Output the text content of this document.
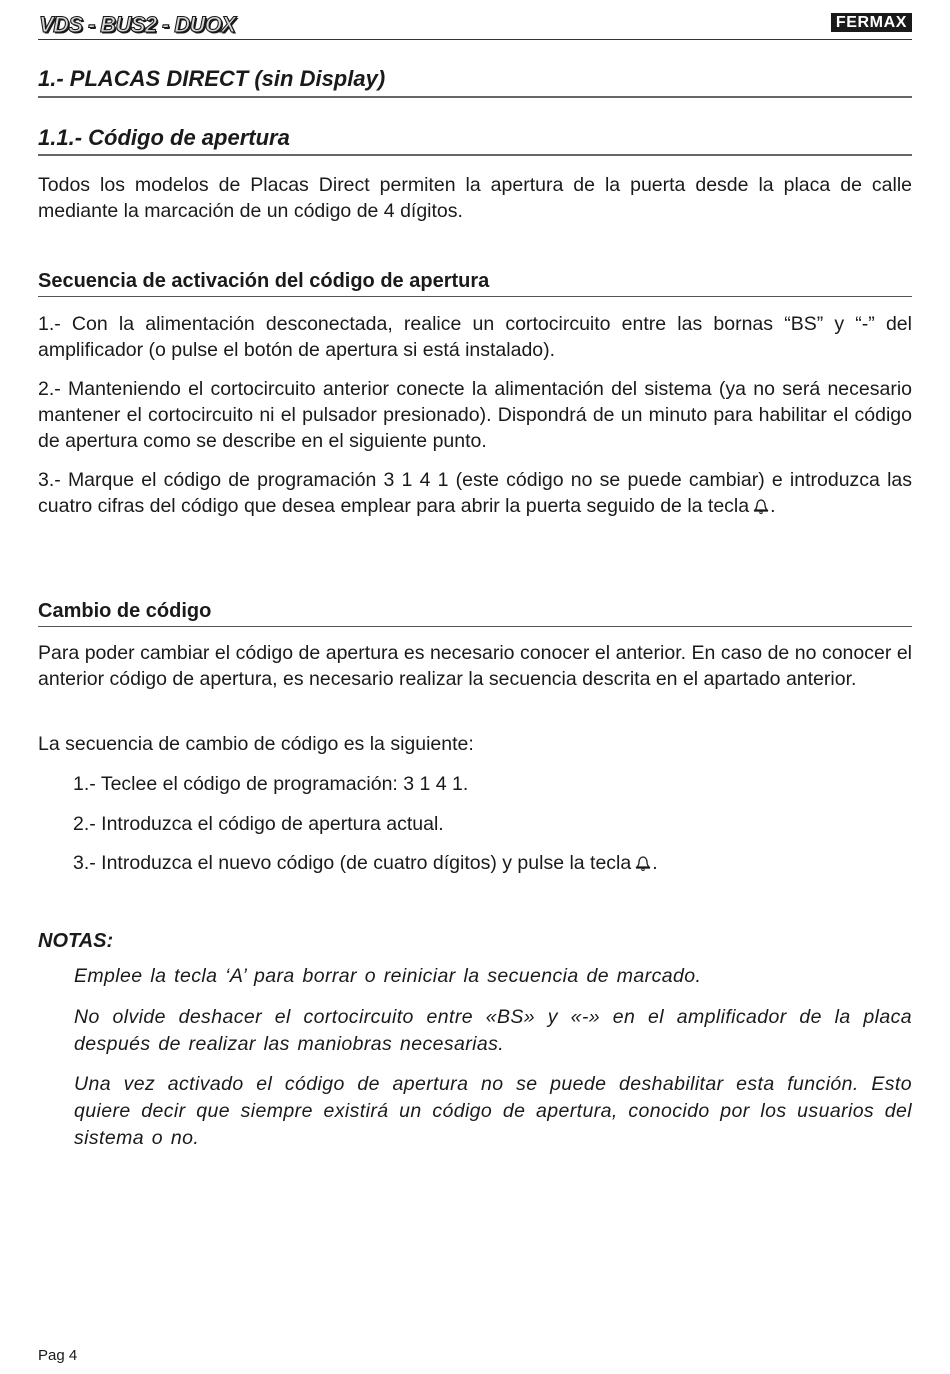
VDS - BUS2 - DUOX	FERMAX
1.- PLACAS DIRECT (sin Display)
1.1.- Código de apertura

Todos los modelos de Placas Direct permiten la apertura de la puerta desde la placa de calle mediante la marcación de un código de 4 dígitos.

Secuencia de activación del código de apertura

1.- Con la alimentación desconectada, realice un cortocircuito entre las bornas “BS” y “-” del amplificador (o pulse el botón de apertura si está instalado).

2.- Manteniendo el cortocircuito anterior conecte la alimentación del sistema (ya no será necesario mantener el cortocircuito ni el pulsador presionado). Dispondrá de un minuto para habilitar el código de apertura como se describe en el siguiente punto.

3.- Marque el código de programación 3 1 4 1 (este código no se puede cambiar) e introduzca las cuatro cifras del código que desea emplear para abrir la puerta seguido de la tecla .

Cambio de código

Para poder cambiar el código de apertura es necesario conocer el anterior. En caso de no conocer el anterior código de apertura, es necesario realizar la secuencia descrita en el apartado anterior.

La secuencia de cambio de código es la siguiente:

1.- Teclee el código de programación: 3 1 4 1.

2.- Introduzca el código de apertura actual.

3.- Introduzca el nuevo código (de cuatro dígitos) y pulse la tecla .

NOTAS:

Emplee la tecla ‘A’ para borrar o reiniciar la secuencia de marcado.

No olvide deshacer el cortocircuito entre «BS» y «-» en el amplificador de la placa después de realizar las maniobras necesarias.

Una vez activado el código de apertura no se puede deshabilitar esta función. Esto quiere decir que siempre existirá un código de apertura, conocido por los usuarios del sistema o no.

Pag 4
